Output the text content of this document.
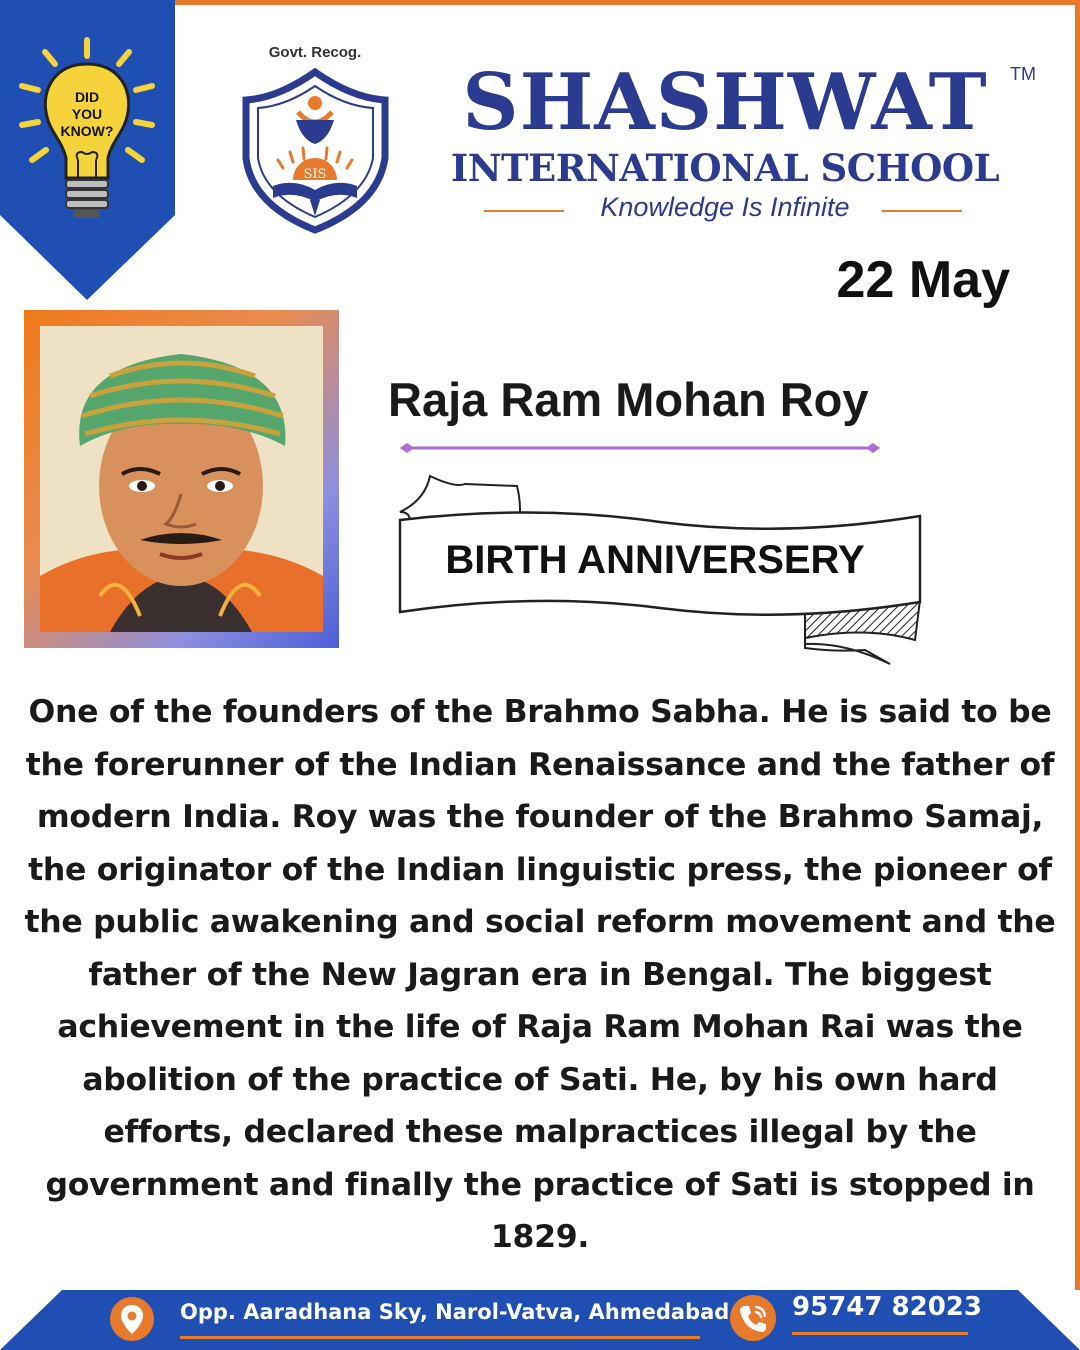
DID
YOU
KNOW?
Govt. Recog.
SIS
SHASHWAT	TM
INTERNATIONAL SCHOOL
Knowledge Is Infinite
22 May
Raja Ram Mohan Roy
BIRTH ANNIVERSERY
One of the founders of the Brahmo Sabha. He is said to be the forerunner of the Indian Renaissance and the father of modern India. Roy was the founder of the Brahmo Samaj, the originator of the Indian linguistic press, the pioneer of the public awakening and social reform movement and the father of the New Jagran era in Bengal. The biggest achievement in the life of Raja Ram Mohan Rai was the abolition of the practice of Sati. He, by his own hard efforts, declared these malpractices illegal by the government and finally the practice of Sati is stopped in 1829.
Opp. Aaradhana Sky, Narol-Vatva, Ahmedabad 95747 82023
